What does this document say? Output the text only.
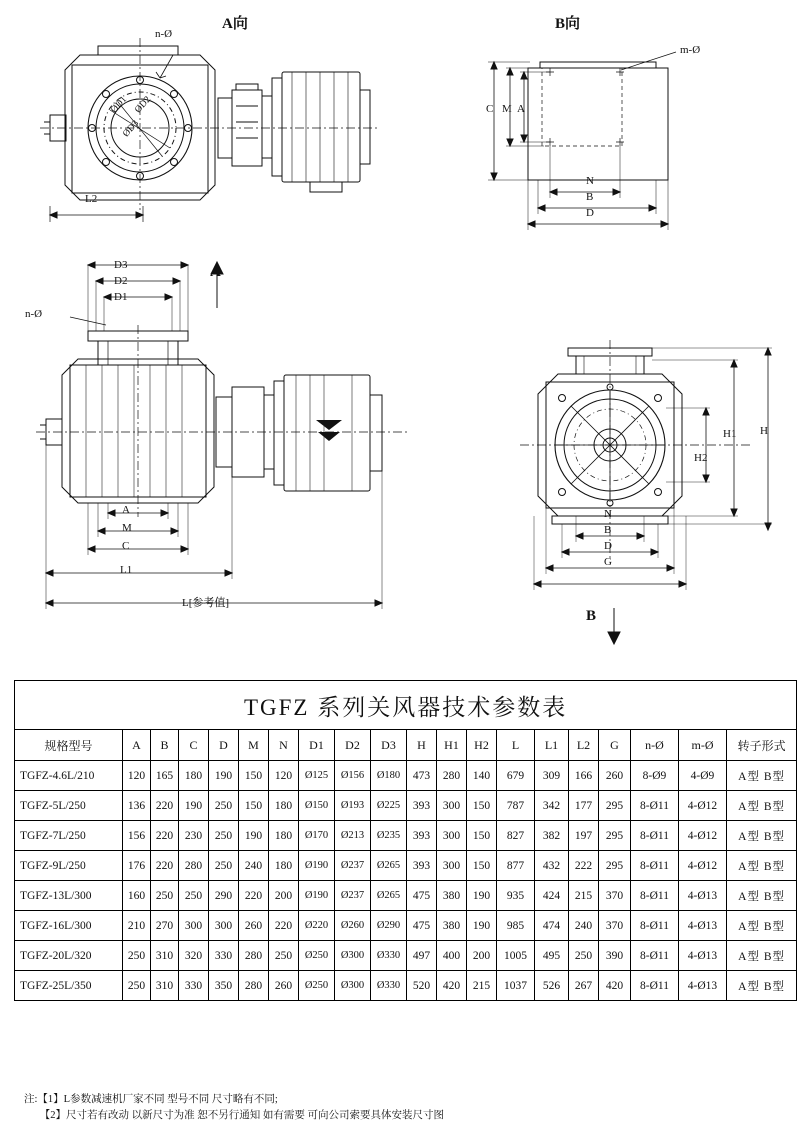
A向
n-Ø
ØD1 ØD2
ØD3
L2
B向
m-Ø
C M A
N
B
D
D3
D2
D1
n-Ø
A
M
C
L1
L[参考值]
A
H
H1
H2
N
B
D
G
B
TGFZ 系列关风器技术参数表																			
规格型号	A	B	C	D	M	N	D1	D2	D3	H	H1	H2	L	L1	L2	G	n-Ø	m-Ø	转子形式
TGFZ-4.6L/210	120	165	180	190	150	120	Ø125	Ø156	Ø180	473	280	140	679	309	166	260	8-Ø9	4-Ø9	A型 B型
TGFZ-5L/250	136	220	190	250	150	180	Ø150	Ø193	Ø225	393	300	150	787	342	177	295	8-Ø11	4-Ø12	A型 B型
TGFZ-7L/250	156	220	230	250	190	180	Ø170	Ø213	Ø235	393	300	150	827	382	197	295	8-Ø11	4-Ø12	A型 B型
TGFZ-9L/250	176	220	280	250	240	180	Ø190	Ø237	Ø265	393	300	150	877	432	222	295	8-Ø11	4-Ø12	A型 B型
TGFZ-13L/300	160	250	250	290	220	200	Ø190	Ø237	Ø265	475	380	190	935	424	215	370	8-Ø11	4-Ø13	A型 B型
TGFZ-16L/300	210	270	300	300	260	220	Ø220	Ø260	Ø290	475	380	190	985	474	240	370	8-Ø11	4-Ø13	A型 B型
TGFZ-20L/320	250	310	320	330	280	250	Ø250	Ø300	Ø330	497	400	200	1005	495	250	390	8-Ø11	4-Ø13	A型 B型
TGFZ-25L/350	250	310	330	350	280	260	Ø250	Ø300	Ø330	520	420	215	1037	526	267	420	8-Ø11	4-Ø13	A型 B型
注:【1】L参数减速机厂家不同 型号不同 尺寸略有不同;
　　【2】尺寸若有改动 以新尺寸为准 恕不另行通知 如有需要 可向公司索要具体安装尺寸图
